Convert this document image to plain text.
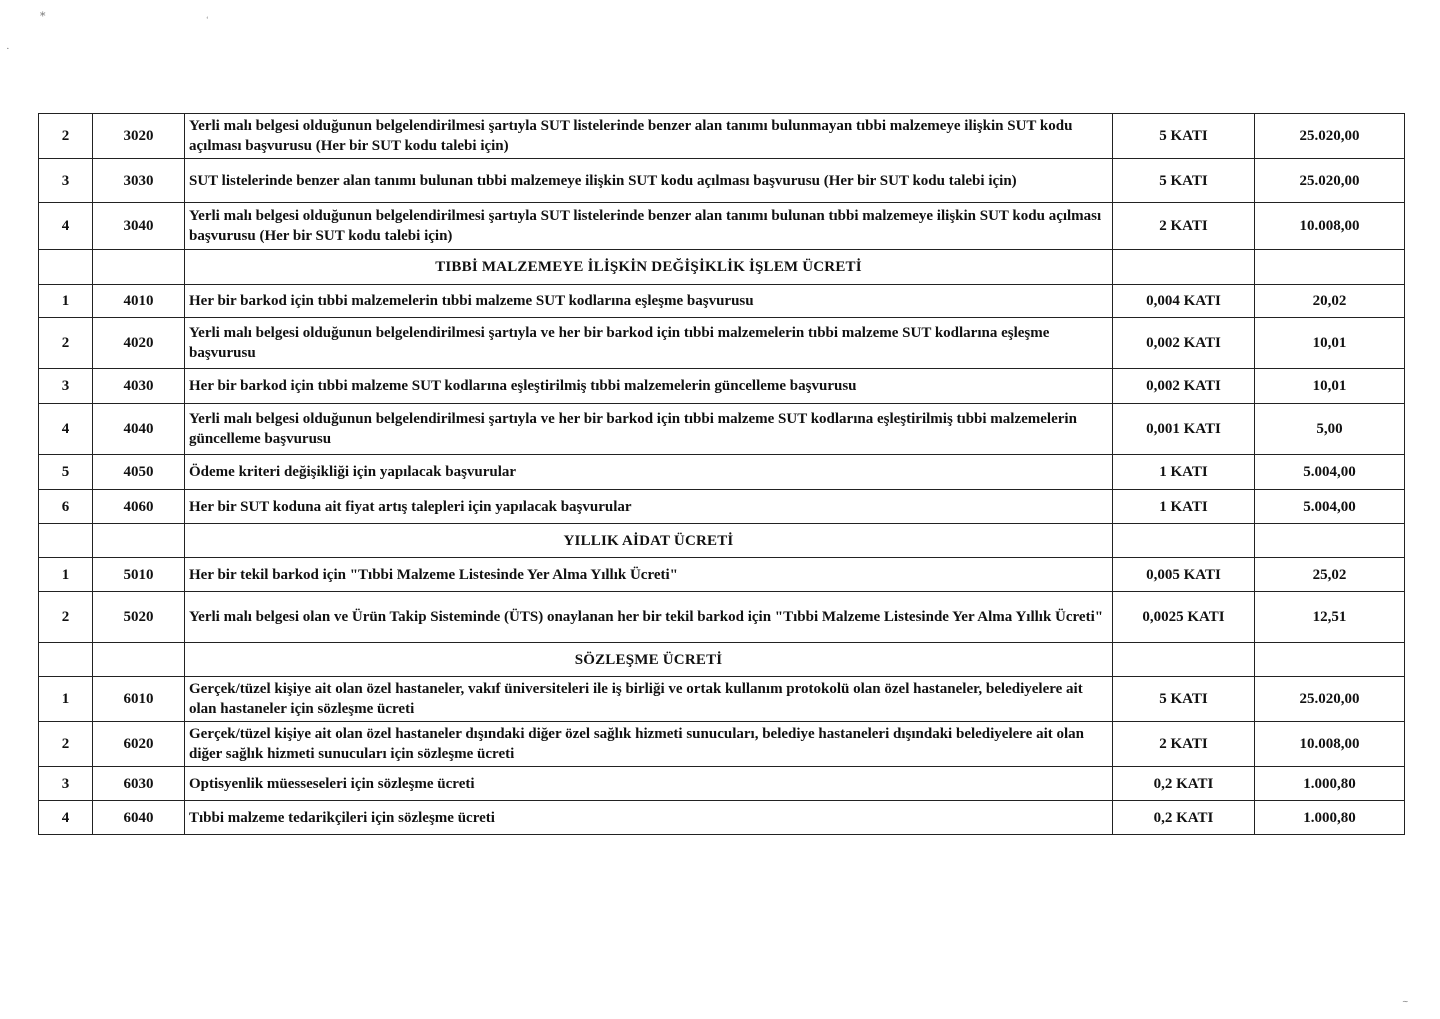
⁎
·
‘
∼
2	3020	Yerli malı belgesi olduğunun belgelendirilmesi şartıyla SUT listelerinde benzer alan tanımı bulunmayan tıbbi malzemeye ilişkin SUT kodu açılması başvurusu (Her bir SUT kodu talebi için)	5 KATI	25.020,00
3	3030	SUT listelerinde benzer alan tanımı bulunan tıbbi malzemeye ilişkin SUT kodu açılması başvurusu (Her bir SUT kodu talebi için)	5 KATI	25.020,00
4	3040	Yerli malı belgesi olduğunun belgelendirilmesi şartıyla SUT listelerinde benzer alan tanımı bulunan tıbbi malzemeye ilişkin SUT kodu açılması başvurusu (Her bir SUT kodu talebi için)	2 KATI	10.008,00
		TIBBİ MALZEMEYE İLİŞKİN DEĞİŞİKLİK İŞLEM ÜCRETİ		
1	4010	Her bir barkod için tıbbi malzemelerin tıbbi malzeme SUT kodlarına eşleşme başvurusu	0,004 KATI	20,02
2	4020	Yerli malı belgesi olduğunun belgelendirilmesi şartıyla ve her bir barkod için tıbbi malzemelerin tıbbi malzeme SUT kodlarına eşleşme başvurusu	0,002 KATI	10,01
3	4030	Her bir barkod için tıbbi malzeme SUT kodlarına eşleştirilmiş tıbbi malzemelerin güncelleme başvurusu	0,002 KATI	10,01
4	4040	Yerli malı belgesi olduğunun belgelendirilmesi şartıyla ve her bir barkod için tıbbi malzeme SUT kodlarına eşleştirilmiş tıbbi malzemelerin güncelleme başvurusu	0,001 KATI	5,00
5	4050	Ödeme kriteri değişikliği için yapılacak başvurular	1 KATI	5.004,00
6	4060	Her bir SUT koduna ait fiyat artış talepleri için yapılacak başvurular	1 KATI	5.004,00
		YILLIK AİDAT ÜCRETİ		
1	5010	Her bir tekil barkod için "Tıbbi Malzeme Listesinde Yer Alma Yıllık Ücreti"	0,005 KATI	25,02
2	5020	Yerli malı belgesi olan ve Ürün Takip Sisteminde (ÜTS) onaylanan her bir tekil barkod için "Tıbbi Malzeme Listesinde Yer Alma Yıllık Ücreti"	0,0025 KATI	12,51
		SÖZLEŞME ÜCRETİ		
1	6010	Gerçek/tüzel kişiye ait olan özel hastaneler, vakıf üniversiteleri ile iş birliği ve ortak kullanım protokolü olan özel hastaneler, belediyelere ait olan hastaneler için sözleşme ücreti	5 KATI	25.020,00
2	6020	Gerçek/tüzel kişiye ait olan özel hastaneler dışındaki diğer özel sağlık hizmeti sunucuları, belediye hastaneleri dışındaki belediyelere ait olan diğer sağlık hizmeti sunucuları için sözleşme ücreti	2 KATI	10.008,00
3	6030	Optisyenlik müesseseleri için sözleşme ücreti	0,2 KATI	1.000,80
4	6040	Tıbbi malzeme tedarikçileri için sözleşme ücreti	0,2 KATI	1.000,80
